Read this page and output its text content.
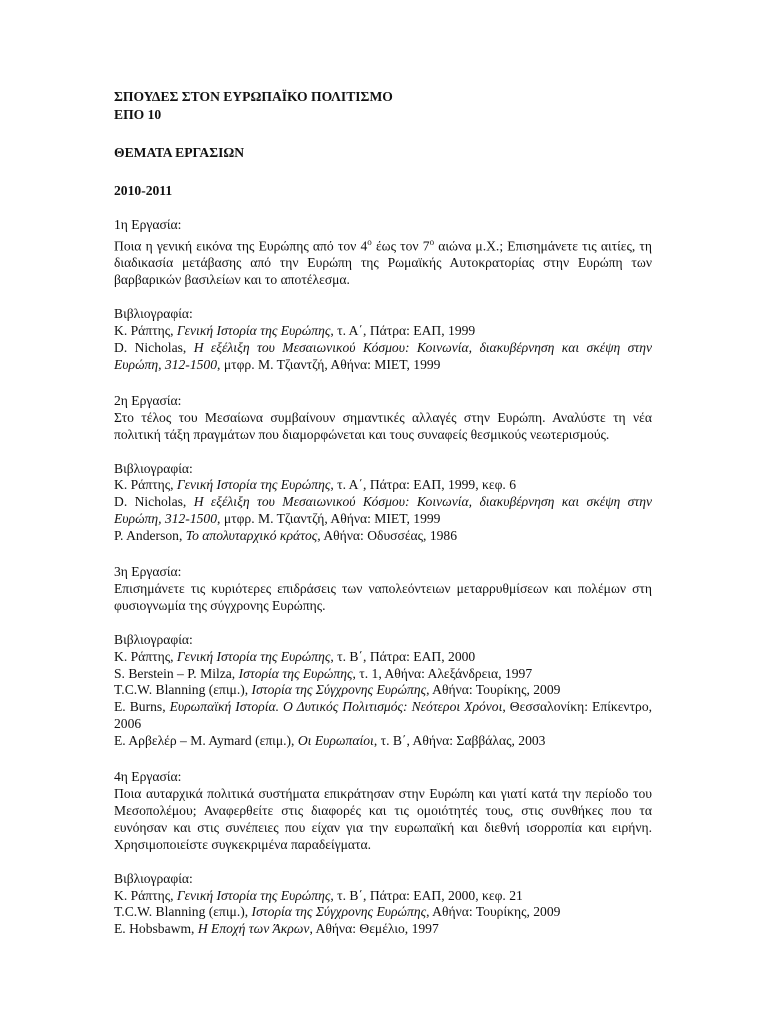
ΣΠΟΥΔΕΣ ΣΤΟΝ ΕΥΡΩΠΑΪΚΟ ΠΟΛΙΤΙΣΜΟ
ΕΠΟ 10
ΘΕΜΑΤΑ ΕΡΓΑΣΙΩΝ
2010-2011
1η Εργασία:
Ποια η γενική εικόνα της Ευρώπης από τον $4^o$ έως τον $7^o$ αιώνα μ.Χ.; Επισημάνετε τις αιτίες, τη διαδικασία μετάβασης από την Ευρώπη της Ρωμαϊκής Αυτοκρατορίας στην Ευρώπη των βαρβαρικών βασιλείων και το αποτέλεσμα.
Βιβλιογραφία:
Κ. Ράπτης, Γενική Ιστορία της Ευρώπης, τ. Α΄, Πάτρα: ΕΑΠ, 1999
D. Nicholas, Η εξέλιξη του Μεσαιωνικού Κόσμου: Κοινωνία, διακυβέρνηση και σκέψη στην Ευρώπη, 312-1500, μτφρ. Μ. Τζιαντζή, Αθήνα: ΜΙΕΤ, 1999
2η Εργασία:
Στο τέλος του Μεσαίωνα συμβαίνουν σημαντικές αλλαγές στην Ευρώπη. Αναλύστε τη νέα πολιτική τάξη πραγμάτων που διαμορφώνεται και τους συναφείς θεσμικούς νεωτερισμούς.
Βιβλιογραφία:
Κ. Ράπτης, Γενική Ιστορία της Ευρώπης, τ. Α΄, Πάτρα: ΕΑΠ, 1999, κεφ. 6
D. Nicholas, Η εξέλιξη του Μεσαιωνικού Κόσμου: Κοινωνία, διακυβέρνηση και σκέψη στην Ευρώπη, 312-1500, μτφρ. Μ. Τζιαντζή, Αθήνα: ΜΙΕΤ, 1999
P. Anderson, Το απολυταρχικό κράτος, Αθήνα: Οδυσσέας, 1986
3η Εργασία:
Επισημάνετε τις κυριότερες επιδράσεις των ναπολεόντειων μεταρρυθμίσεων και πολέμων στη φυσιογνωμία της σύγχρονης Ευρώπης.
Βιβλιογραφία:
Κ. Ράπτης, Γενική Ιστορία της Ευρώπης, τ. Β΄, Πάτρα: ΕΑΠ, 2000
S. Berstein – P. Milza, Ιστορία της Ευρώπης, τ. 1, Αθήνα: Αλεξάνδρεια, 1997
T.C.W. Blanning (επιμ.), Ιστορία της Σύγχρονης Ευρώπης, Αθήνα: Τουρίκης, 2009
E. Burns, Ευρωπαϊκή Ιστορία. Ο Δυτικός Πολιτισμός: Νεότεροι Χρόνοι, Θεσσαλονίκη: Επίκεντρο, 2006
Ε. Αρβελέρ – M. Aymard (επιμ.), Οι Ευρωπαίοι, τ. Β΄, Αθήνα: Σαββάλας, 2003
4η Εργασία:
Ποια αυταρχικά πολιτικά συστήματα επικράτησαν στην Ευρώπη και γιατί κατά την περίοδο του Μεσοπολέμου; Αναφερθείτε στις διαφορές και τις ομοιότητές τους, στις συνθήκες που τα ευνόησαν και στις συνέπειες που είχαν για την ευρωπαϊκή και διεθνή ισορροπία και ειρήνη. Χρησιμοποιείστε συγκεκριμένα παραδείγματα.
Βιβλιογραφία:
Κ. Ράπτης, Γενική Ιστορία της Ευρώπης, τ. Β΄, Πάτρα: ΕΑΠ, 2000, κεφ. 21
T.C.W. Blanning (επιμ.), Ιστορία της Σύγχρονης Ευρώπης, Αθήνα: Τουρίκης, 2009
E. Hobsbawm, Η Εποχή των Άκρων, Αθήνα: Θεμέλιο, 1997
